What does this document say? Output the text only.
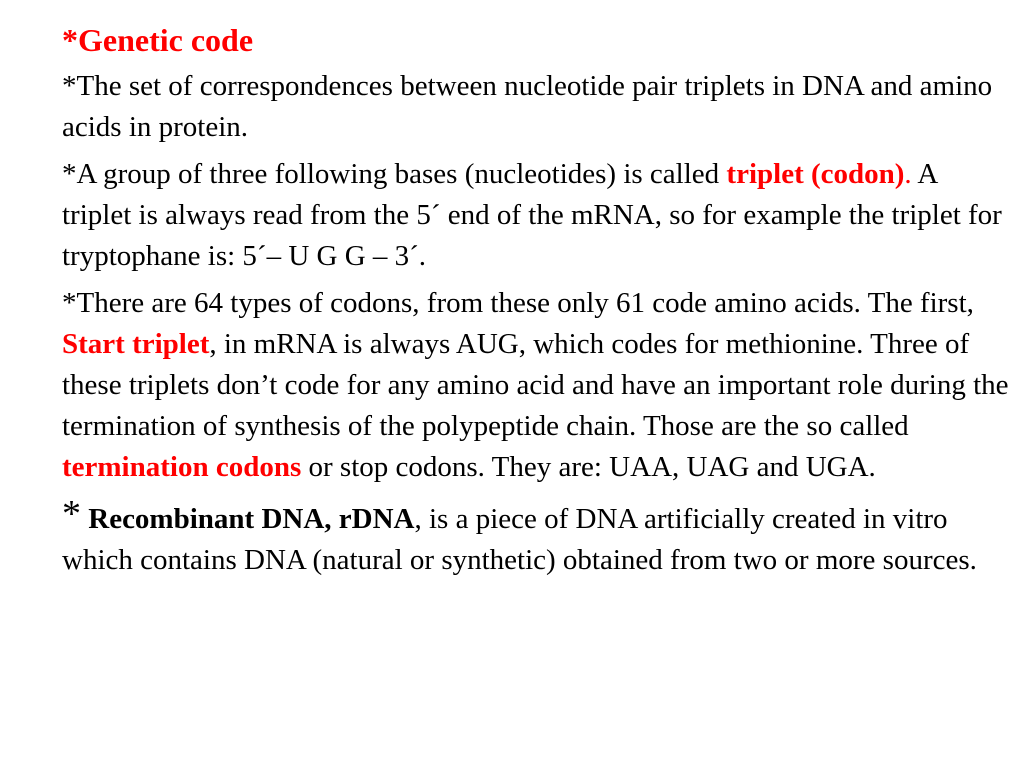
*Genetic code

*The set of correspondences between nucleotide pair triplets in DNA and amino acids in protein.

*A group of three following bases (nucleotides) is called triplet (codon). A triplet is always read from the 5´ end of the mRNA, so for example the triplet for tryptophane is: 5´– U G G – 3´.

*There are 64 types of codons, from these only 61 code amino acids. The first, Start triplet, in mRNA is always AUG, which codes for methionine. Three of these triplets don’t code for any amino acid and have an important role during the termination of synthesis of the polypeptide chain. Those are the so called termination codons or stop codons. They are: UAA, UAG and UGA.

* Recombinant DNA, rDNA, is a piece of DNA artificially created in vitro which contains DNA (natural or synthetic) obtained from two or more sources.
